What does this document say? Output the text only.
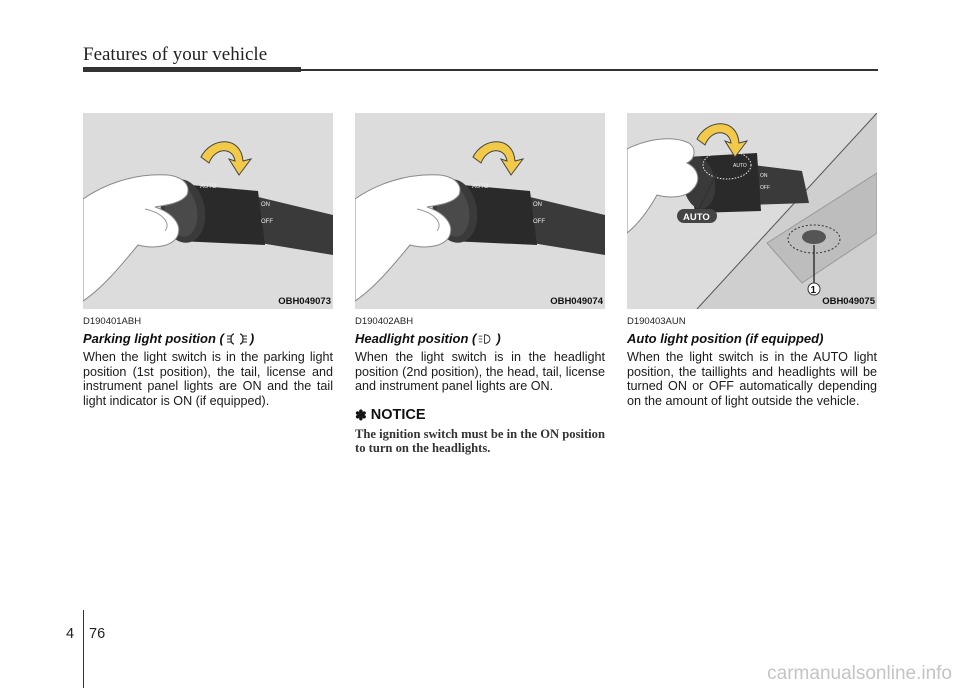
Features of your vehicle
AUTO
ON
OFF
OBH049073
AUTO
ON
OFF
OBH049074
1
AUTO
ON
OFF
AUTO
OBH049075
D190401ABH
Parking light position ( )
When the light switch is in the parking light position (1st position), the tail, license and instrument panel lights are ON and the tail light indicator is ON (if equipped).
D190402ABH
Headlight position ( )
When the light switch is in the headlight position (2nd position), the head, tail, license and instrument panel lights are ON.
✽ NOTICE
The ignition switch must be in the ON position to turn on the headlights.
D190403AUN
Auto light position (if equipped)
When the light switch is in the AUTO light position, the taillights and headlights will be turned ON or OFF automatically depending on the amount of light outside the vehicle.
4 76
carmanualsonline.info
